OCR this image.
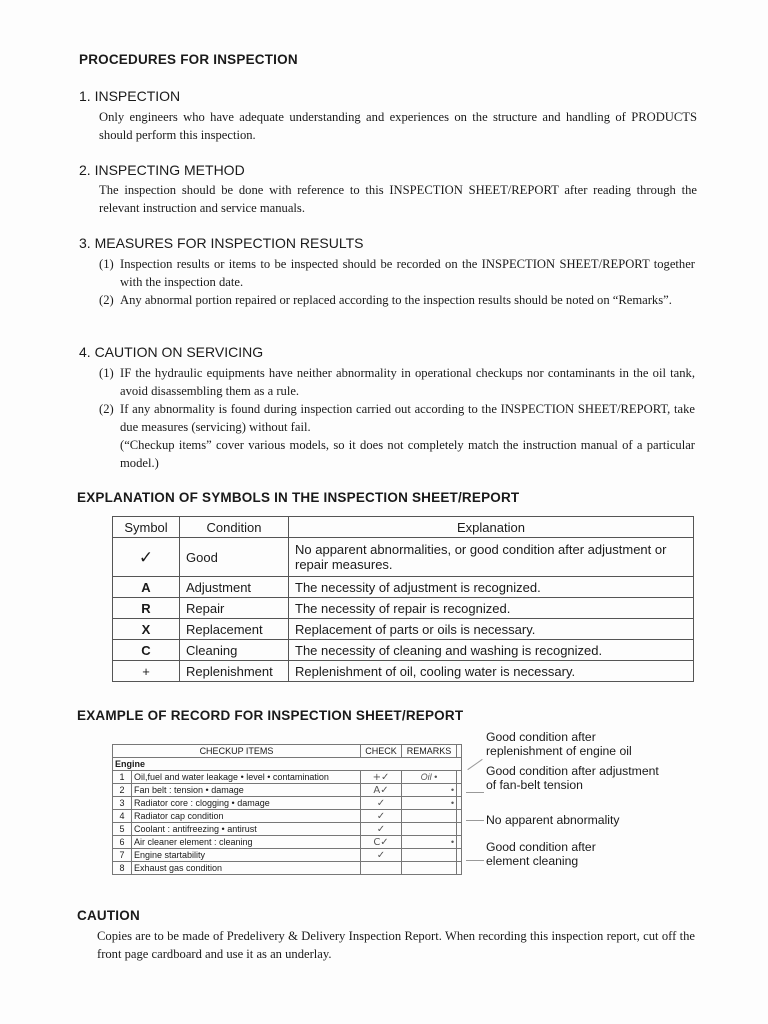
PROCEDURES FOR INSPECTION
1. INSPECTION
Only engineers who have adequate understanding and experiences on the structure and handling of PRODUCTS should perform this inspection.
2. INSPECTING METHOD
The inspection should be done with reference to this INSPECTION SHEET/REPORT after reading through the relevant instruction and service manuals.
3. MEASURES FOR INSPECTION RESULTS
(1) Inspection results or items to be inspected should be recorded on the INSPECTION SHEET/REPORT together with the inspection date.
(2) Any abnormal portion repaired or replaced according to the inspection results should be noted on “Remarks”.
4. CAUTION ON SERVICING
(1) IF the hydraulic equipments have neither abnormality in operational checkups nor contaminants in the oil tank, avoid disassembling them as a rule.
(2) If any abnormality is found during inspection carried out according to the INSPECTION SHEET/REPORT, take due measures (servicing) without fail.
(“Checkup items” cover various models, so it does not completely match the instruction manual of a particular model.)
EXPLANATION OF SYMBOLS IN THE INSPECTION SHEET/REPORT
Symbol	Condition	Explanation
✓	Good	No apparent abnormalities, or good condition after adjustment or repair measures.
A	Adjustment	The necessity of adjustment is recognized.
R	Repair	The necessity of repair is recognized.
X	Replacement	Replacement of parts or oils is necessary.
C	Cleaning	The necessity of cleaning and washing is recognized.
+	Replenishment	Replenishment of oil, cooling water is necessary.
EXAMPLE OF RECORD FOR INSPECTION SHEET/REPORT
CHECKUP ITEMS		CHECK	REMARKS	
Engine				
1	Oil,fuel and water leakage • level • contamination	+✓	Oil •	
2	Fan belt : tension • damage	A✓	•	
3	Radiator core : clogging • damage	✓	•	
4	Radiator cap condition	✓		
5	Coolant : antifreezing • antirust	✓		
6	Air cleaner element : cleaning	C✓	•	
7	Engine startability	✓		
8	Exhaust gas condition			
Good condition after replenishment of engine oil
Good condition after adjustment of fan-belt tension
No apparent abnormality
Good condition after element cleaning
CAUTION
Copies are to be made of Predelivery & Delivery Inspection Report. When recording this inspection report, cut off the front page cardboard and use it as an underlay.
